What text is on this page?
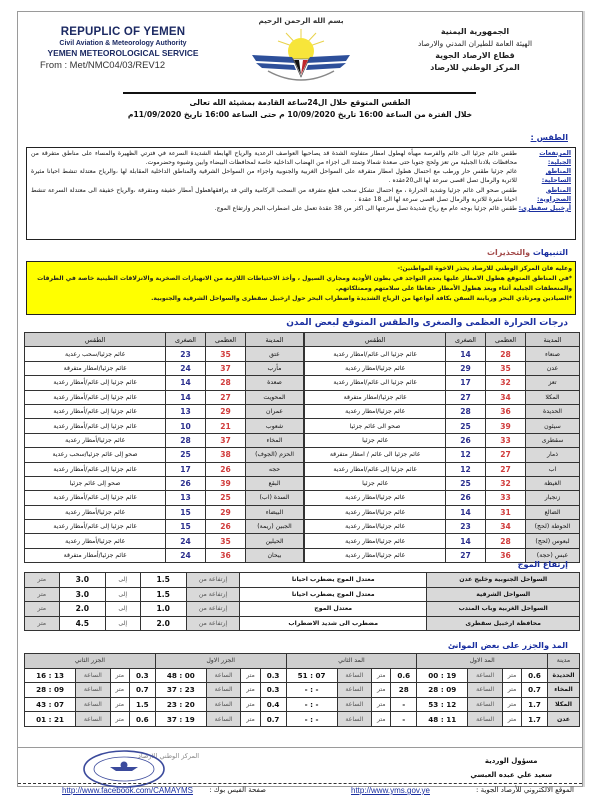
REPUPLIC OF YEMEN
Civil Aviation & Meteorology Authority
YEMEN METEOROLOGICAL SERVICE
From : Met/NMC04/03/REV12
بسم الله الرحمن الرحيم
الجمهورية اليمنية
الهيئة العامة للطيران المدني والارصاد
قطاع الارصاد الجوية
المركز الوطني للارصاد
الطقس المتوقع خلال ال24ساعة القادمة بمشيئة الله تعالى
خلال الفترة من الساعة 16:00 تاريخ 10/09/2020 م حتى الساعة 16:00 تاريخ 11/09/2020م
الطقس :
المرتفعات الجبلية:
طقس غائم جزئيا الى غائم والفرصة مهيأه لهطول امطار متفاوتة الشدة قد يصاحبها العواصف الرعدية والرياح الهابطة الشديدة السرعة في فترتي الظهيرة والمساء على مناطق متفرقة من محافظات بلادنا الجبلية من تعز ولحج جنوبا حتى صعدة شمالا وتمتد الى اجزاء من الهضاب الداخلية خاصة لمحافظات البيضاء وابين وشبوه وحضرموت.
المناطق الساحلية:
غائم جزئيا طقس حار ورطب مع احتمال هطول امطار متفرقة على السواحل الغربية والجنوبية واجزاء من السواحل الشرقية والمناطق الداخلية المقابلة لها ،والرياح معتدلة تنشط احيانا مثيرة للاتربة والرمال تصل اقصى سرعة لها الى20عقده .
المناطق الصحراوية:
طقس صحو الى غائم جزئيا وشديد الحرارة ، مع احتمال تشكل سحب قطع متفرقة من السحب الركامية والتي قد يرافقهاهطول أمطار خفيفة ومتفرقة ،والرياح خفيفة الى معتدلة السرعة تنشط احيانا مثيرة للاتربة والرمال تصل اقصى سرعة لها الى 18 عقدة .
أرخبيل سقطرى:
طقس غائم جزئيا بوجه عام مع رياح شديدة تصل سرعتها الى اكثر من 38 عقدة تعمل على اضطراب البحر وارتفاع الموج.
التنبيهات والتحذيرات
وعليه فان المركز الوطني للارصاد يحذر الاخوة المواطنين:-
*في المناطق المتوقع هطول الامطار عليها بعدم التواجد في بطون الأودية ومجاري السيول ، وأخذ الاحتياطات اللازمة من الانهيارات الصخرية والانزلاقات الطينية خاصة في الطرقات والمنعطفات الجبلية أثناء وبعد هطول الأمطار حفاظا على سلامتهم وممتلكاتهم.
*الصيادين ومرتادي البحر وربابنة السفن بكافة أنواعها من الرياح الشديدة واضطراب البحر حول ارخبيل سقطرى والسواحل الشرقية والجنوبية.
درجات الحرارة العظمى والصغرى والطقس المتوقع لبعض المدن
المدينة	العظمى	الصغرى	الطقس
صنعاء	28	14	غائم جزئيا الى غائم/امطار رعدية
عدن	35	29	غائم جزئيا/امطار رعدية
تعز	32	17	غائم جزئيا الى غائم/امطار رعدية
المكلا	34	27	غائم جزئيا/امطار متفرقة
الحديدة	36	28	غائم جزئيا/امطار رعدية
سيئون	39	25	صحو الى غائم جزئيا
سقطرى	33	26	غائم جزئيا
ذمار	27	12	غائم جزئيا الى غائم / امطار متفرقة
اب	27	12	غائم جزئيا إلى غائم/امطار رعدية
الغيظة	32	25	غائم جزئيا
زنجبار	33	26	غائم جزئيا/امطار رعدية
الضالع	31	14	غائم جزئيا/امطار رعدية
الحوطة (لحج)	34	23	غائم جزئيا/امطار رعدية
لبعوس (لحج)	28	14	غائم جزئيا/امطار رعدية
عبس (حجة)	36	27	غائم جزئيا/امطار رعدية
المدينة	العظمى	الصغرى	الطقس
عتق	35	23	غائم جزئيا/سحب رعدية
مأرب	37	24	غائم جزئيا/امطار متفرقة
صعدة	28	14	غائم جزئيا إلى غائم/أمطار رعدية
المحويت	27	14	غائم جزئيا إلى غائم/أمطار رعدية
عمران	29	13	غائم جزئيا إلى غائم/أمطار رعدية
شعوب	21	10	غائم جزئيا إلى غائم/أمطار رعدية
المخاء	37	28	غائم جزئيا/أمطار رعدية
الحزم (الجوف)	38	25	صحو إلى غائم جزئيا/سحب رعدية
حجه	26	17	غائم جزئيا إلى غائم/أمطار رعدية
البقع	39	26	صحو إلى غائم جزئيا
السدة (اب)	25	13	غائم جزئيا إلى غائم/أمطار رعدية
البيضاء	29	15	غائم جزئيا/أمطار رعدية
الجبين (ريمة)	26	15	غائم جزئيا إلى غائم/أمطار رعدية
الحيلين	35	24	غائم جزئيا/أمطار رعدية
بيحان	36	24	غائم جزئيا/أمطار متفرقة
إرتفاع الموج
السواحل الجنوبية وخليج عدن	معتدل الموج يضطرب احيانا	إرتفاعة من	1.5	إلى	3.0	متر
السواحل الشرقية	معتدل الموج يضطرب احيانا	إرتفاعة من	1.5	إلى	3.0	متر
السواحل الغربية وباب المندب	معتدل الموج	إرتفاعة من	1.0	إلى	2.0	متر
محافظة ارخبيل سقطرى	مضطرب الى شديد الاضطراب	إرتفاعة من	2.0	إلى	4.5	متر
المد والجزر على بعض الموانئ
مدينة	المد الاول				المد الثاني				الجزر الاول				الجزر الثاني			
الحديدة	0.6	متر	الساعة	19 : 00	0.6	متر	الساعة	07 : 51	0.3	متر	الساعة	00 : 48	0.3	متر	الساعة	13 : 16
المخاء	0.7	متر	الساعة	09 : 28	28	متر	الساعة	- : -	0.3	متر	الساعة	23 : 37	0.7	متر	الساعة	09 : 28
المكلا	1.7	متر	الساعة	12 : 53	-	متر	الساعة	- : -	0.4	متر	الساعة	20 : 23	1.5	متر	الساعة	07 : 43
عدن	1.7	متر	الساعة	11 : 48	-	متر	الساعة	- : -	0.7	متر	الساعة	19 : 37	0.6	متر	الساعة	21 : 01
مسؤول الوردية
سعيد علي عبده العبسي
المركز الوطني للارصاد
الموقع الالكتروني للأرصاد الجوية :
http://www.yms.gov.ye
صفحة الفيس بوك :
http://www.facebook.com/CAMAYMS
